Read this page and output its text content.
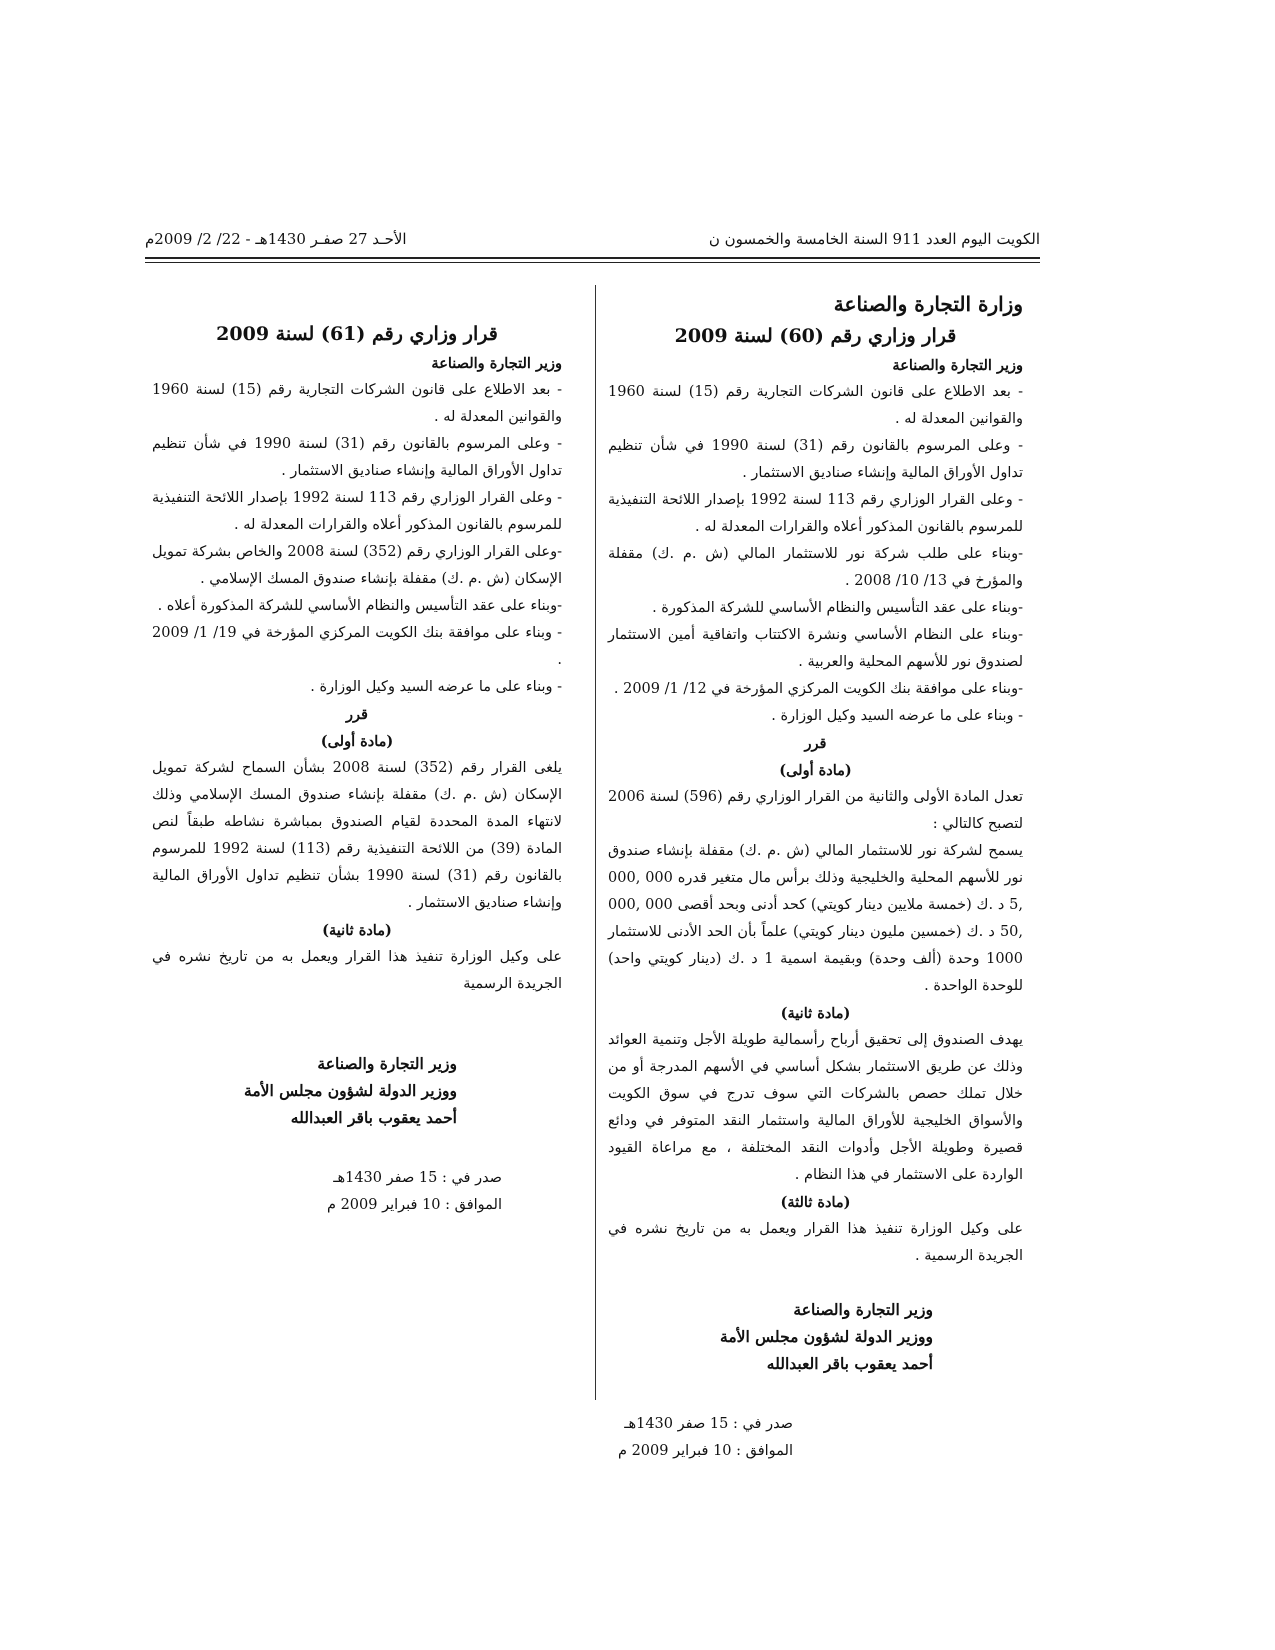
الكويت اليوم العدد 911 السنة الخامسة والخمسون ن
الأحـد 27 صفـر 1430هـ - 22/ 2/ 2009م

وزارة التجارة والصناعة

قرار وزاري رقم (60) لسنة 2009

وزير التجارة والصناعة

- بعد الاطلاع على قانون الشركات التجارية رقم (15) لسنة 1960 والقوانين المعدلة له .

- وعلى المرسوم بالقانون رقم (31) لسنة 1990 في شأن تنظيم تداول الأوراق المالية وإنشاء صناديق الاستثمار .

- وعلى القرار الوزاري رقم 113 لسنة 1992 بإصدار اللائحة التنفيذية للمرسوم بالقانون المذكور أعلاه والقرارات المعدلة له .

-وبناء على طلب شركة نور للاستثمار المالي (ش .م .ك) مقفلة والمؤرخ في 13/ 10/ 2008 .

-وبناء على عقد التأسيس والنظام الأساسي للشركة المذكورة .

-وبناء على النظام الأساسي ونشرة الاكتتاب واتفاقية أمين الاستثمار لصندوق نور للأسهم المحلية والعربية .

-وبناء على موافقة بنك الكويت المركزي المؤرخة في 12/ 1/ 2009 .

- وبناء على ما عرضه السيد وكيل الوزارة .

قرر

(مادة أولى)

تعدل المادة الأولى والثانية من القرار الوزاري رقم (596) لسنة 2006 لتصبح كالتالي :

يسمح لشركة نور للاستثمار المالي (ش .م .ك) مقفلة بإنشاء صندوق نور للأسهم المحلية والخليجية وذلك برأس مال متغير قدره 000 ,000 ,5 د .ك (خمسة ملايين دينار كويتي) كحد أدنى وبحد أقصى 000 ,000 ,50 د .ك (خمسين مليون دينار كويتي) علماً بأن الحد الأدنى للاستثمار 1000 وحدة (ألف وحدة) وبقيمة اسمية 1 د .ك (دينار كويتي واحد) للوحدة الواحدة .

(مادة ثانية)

يهدف الصندوق إلى تحقيق أرباح رأسمالية طويلة الأجل وتنمية العوائد وذلك عن طريق الاستثمار بشكل أساسي في الأسهم المدرجة أو من خلال تملك حصص بالشركات التي سوف تدرج في سوق الكويت والأسواق الخليجية للأوراق المالية واستثمار النقد المتوفر في ودائع قصيرة وطويلة الأجل وأدوات النقد المختلفة ، مع مراعاة القيود الواردة على الاستثمار في هذا النظام .

(مادة ثالثة)

على وكيل الوزارة تنفيذ هذا القرار ويعمل به من تاريخ نشره في الجريدة الرسمية .

وزير التجارة والصناعة
ووزير الدولة لشؤون مجلس الأمة
أحمد يعقوب باقر العبدالله
صدر في : 15 صفر 1430هـ
الموافق : 10 فبراير 2009 م

قرار وزاري رقم (61) لسنة 2009

وزير التجارة والصناعة

- بعد الاطلاع على قانون الشركات التجارية رقم (15) لسنة 1960 والقوانين المعدلة له .

- وعلى المرسوم بالقانون رقم (31) لسنة 1990 في شأن تنظيم تداول الأوراق المالية وإنشاء صناديق الاستثمار .

- وعلى القرار الوزاري رقم 113 لسنة 1992 بإصدار اللائحة التنفيذية للمرسوم بالقانون المذكور أعلاه والقرارات المعدلة له .

-وعلى القرار الوزاري رقم (352) لسنة 2008 والخاص بشركة تمويل الإسكان (ش .م .ك) مقفلة بإنشاء صندوق المسك الإسلامي .

-وبناء على عقد التأسيس والنظام الأساسي للشركة المذكورة أعلاه .

- وبناء على موافقة بنك الكويت المركزي المؤرخة في 19/ 1/ 2009 .

- وبناء على ما عرضه السيد وكيل الوزارة .

قرر

(مادة أولى)

يلغى القرار رقم (352) لسنة 2008 بشأن السماح لشركة تمويل الإسكان (ش .م .ك) مقفلة بإنشاء صندوق المسك الإسلامي وذلك لانتهاء المدة المحددة لقيام الصندوق بمباشرة نشاطه طبقاً لنص المادة (39) من اللائحة التنفيذية رقم (113) لسنة 1992 للمرسوم بالقانون رقم (31) لسنة 1990 بشأن تنظيم تداول الأوراق المالية وإنشاء صناديق الاستثمار .

(مادة ثانية)

على وكيل الوزارة تنفيذ هذا القرار ويعمل به من تاريخ نشره في الجريدة الرسمية

وزير التجارة والصناعة
ووزير الدولة لشؤون مجلس الأمة
أحمد يعقوب باقر العبدالله
صدر في : 15 صفر 1430هـ
الموافق : 10 فبراير 2009 م
